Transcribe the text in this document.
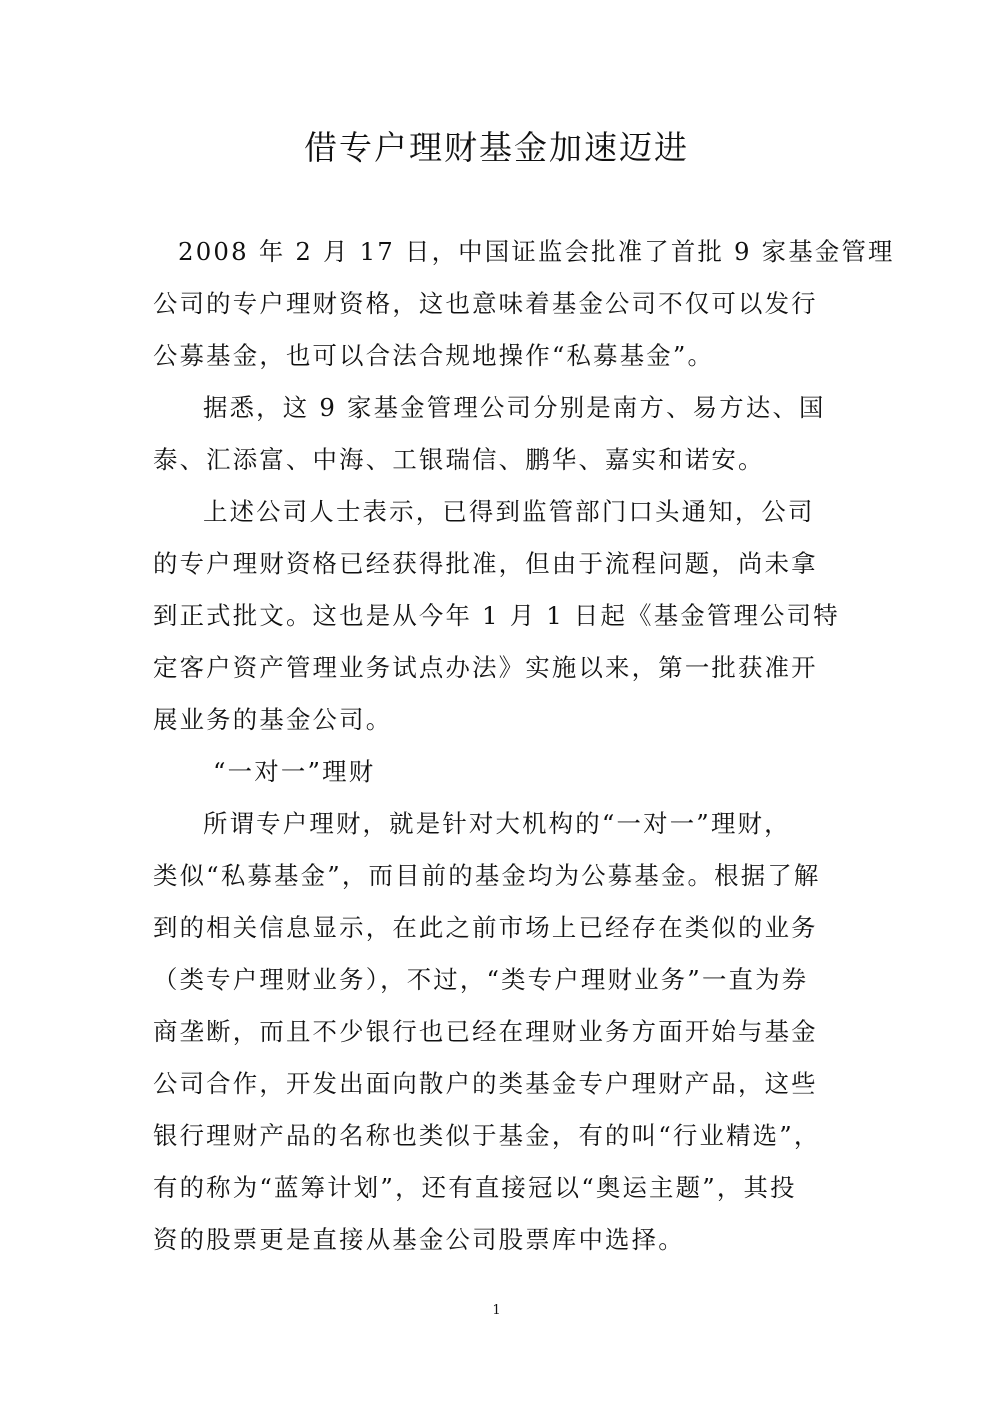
借专户理财基金加速迈进
2008 年 2 月 17 日，中国证监会批准了首批 9 家基金管理
公司的专户理财资格，这也意味着基金公司不仅可以发行
公募基金，也可以合法合规地操作“私募基金”。
据悉，这 9 家基金管理公司分别是南方、易方达、国
泰、汇添富、中海、工银瑞信、鹏华、嘉实和诺安。
上述公司人士表示，已得到监管部门口头通知，公司
的专户理财资格已经获得批准，但由于流程问题，尚未拿
到正式批文。这也是从今年 1 月 1 日起《基金管理公司特
定客户资产管理业务试点办法》实施以来，第一批获准开
展业务的基金公司。
“一对一”理财
所谓专户理财，就是针对大机构的“一对一”理财，
类似“私募基金”，而目前的基金均为公募基金。根据了解
到的相关信息显示，在此之前市场上已经存在类似的业务
（类专户理财业务），不过，“类专户理财业务”一直为券
商垄断，而且不少银行也已经在理财业务方面开始与基金
公司合作，开发出面向散户的类基金专户理财产品，这些
银行理财产品的名称也类似于基金，有的叫“行业精选”，
有的称为“蓝筹计划”，还有直接冠以“奥运主题”，其投
资的股票更是直接从基金公司股票库中选择。
1
